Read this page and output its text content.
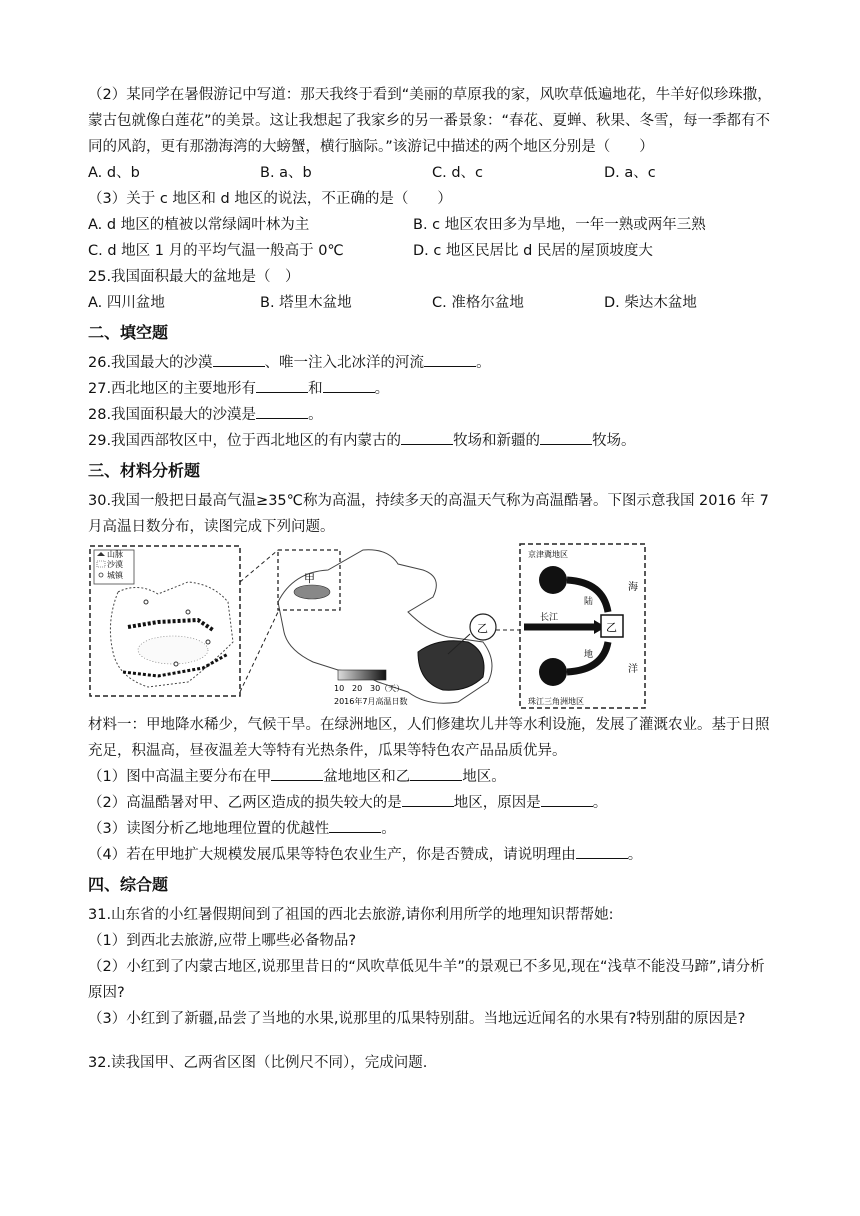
（2）某同学在暑假游记中写道：那天我终于看到“美丽的草原我的家，风吹草低遍地花，牛羊好似珍珠撒，蒙古包就像白莲花”的美景。这让我想起了我家乡的另一番景象：“春花、夏蝉、秋果、冬雪，每一季都有不同的风韵，更有那渤海湾的大螃蟹，横行脑际。”该游记中描述的两个地区分别是（　　）

A. d、b	B. a、b	C. d、c	D. a、c

（3）关于 c 地区和 d 地区的说法，不正确的是（　　）

A. d 地区的植被以常绿阔叶林为主	B. c 地区农田多为旱地，一年一熟或两年三熟
C. d 地区 1 月的平均气温一般高于 0℃	D. c 地区民居比 d 民居的屋顶坡度大

25.我国面积最大的盆地是（　）

A. 四川盆地	B. 塔里木盆地	C. 准格尔盆地	D. 柴达木盆地
二、填空题

26.我国最大的沙漠	、唯一注入北冰洋的河流	。

27.西北地区的主要地形有	和	。

28.我国面积最大的沙漠是	。

29.我国西部牧区中，位于西北地区的有内蒙古的	牧场和新疆的	牧场。

三、材料分析题

30.我国一般把日最高气温≥35℃称为高温，持续多天的高温天气称为高温酷暑。下图示意我国 2016 年 7 月高温日数分布，读图完成下列问题。

山脉
沙漠
城镇	甲
乙
10 20 30（天）
2016年7月高温日数
京津冀地区
珠江三角洲地区
乙
长江
陆
地
海
洋

材料一：甲地降水稀少，气候干旱。在绿洲地区，人们修建坎儿井等水利设施，发展了灌溉农业。基于日照充足，积温高，昼夜温差大等特有光热条件，瓜果等特色农产品品质优异。

（1）图中高温主要分布在甲	盆地地区和乙	地区。

（2）高温酷暑对甲、乙两区造成的损失较大的是	地区，原因是	。

（3）读图分析乙地地理位置的优越性	。

（4）若在甲地扩大规模发展瓜果等特色农业生产，你是否赞成，请说明理由	。

四、综合题

31.山东省的小红暑假期间到了祖国的西北去旅游,请你利用所学的地理知识帮帮她:

（1）到西北去旅游,应带上哪些必备物品?

（2）小红到了内蒙古地区,说那里昔日的“风吹草低见牛羊”的景观已不多见,现在“浅草不能没马蹄”,请分析原因?

（3）小红到了新疆,品尝了当地的水果,说那里的瓜果特别甜。当地远近闻名的水果有?特别甜的原因是?

32.读我国甲、乙两省区图（比例尺不同），完成问题.
